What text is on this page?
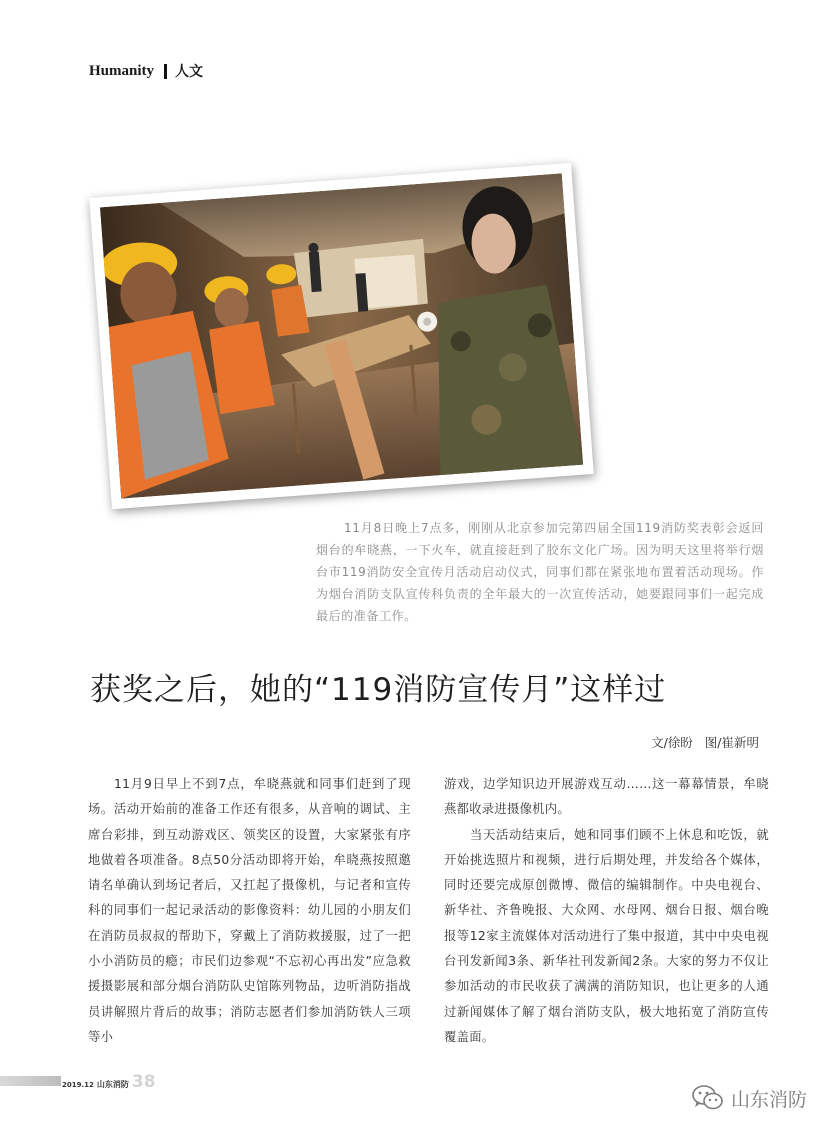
Humanity 人文

11月8日晚上7点多，刚刚从北京参加完第四届全国119消防奖表彰会返回烟台的牟晓燕，一下火车，就直接赶到了胶东文化广场。因为明天这里将举行烟台市119消防安全宣传月活动启动仪式，同事们都在紧张地布置着活动现场。作为烟台消防支队宣传科负责的全年最大的一次宣传活动，她要跟同事们一起完成最后的准备工作。

获奖之后，她的“119消防宣传月”这样过
文/徐盼 图/崔新明

11月9日早上不到7点，牟晓燕就和同事们赶到了现场。活动开始前的准备工作还有很多，从音响的调试、主席台彩排，到互动游戏区、领奖区的设置，大家紧张有序地做着各项准备。8点50分活动即将开始，牟晓燕按照邀请名单确认到场记者后，又扛起了摄像机，与记者和宣传科的同事们一起记录活动的影像资料：幼儿园的小朋友们在消防员叔叔的帮助下，穿戴上了消防救援服，过了一把小小消防员的瘾；市民们边参观“不忘初心再出发”应急救援摄影展和部分烟台消防队史馆陈列物品，边听消防指战员讲解照片背后的故事；消防志愿者们参加消防铁人三项等小

游戏，边学知识边开展游戏互动……这一幕幕情景，牟晓燕都收录进摄像机内。

当天活动结束后，她和同事们顾不上休息和吃饭，就开始挑选照片和视频，进行后期处理，并发给各个媒体，同时还要完成原创微博、微信的编辑制作。中央电视台、新华社、齐鲁晚报、大众网、水母网、烟台日报、烟台晚报等12家主流媒体对活动进行了集中报道，其中中央电视台刊发新闻3条、新华社刊发新闻2条。大家的努力不仅让参加活动的市民收获了满满的消防知识，也让更多的人通过新闻媒体了解了烟台消防支队，极大地拓宽了消防宣传覆盖面。

2019.12 山东消防 38
山东消防
